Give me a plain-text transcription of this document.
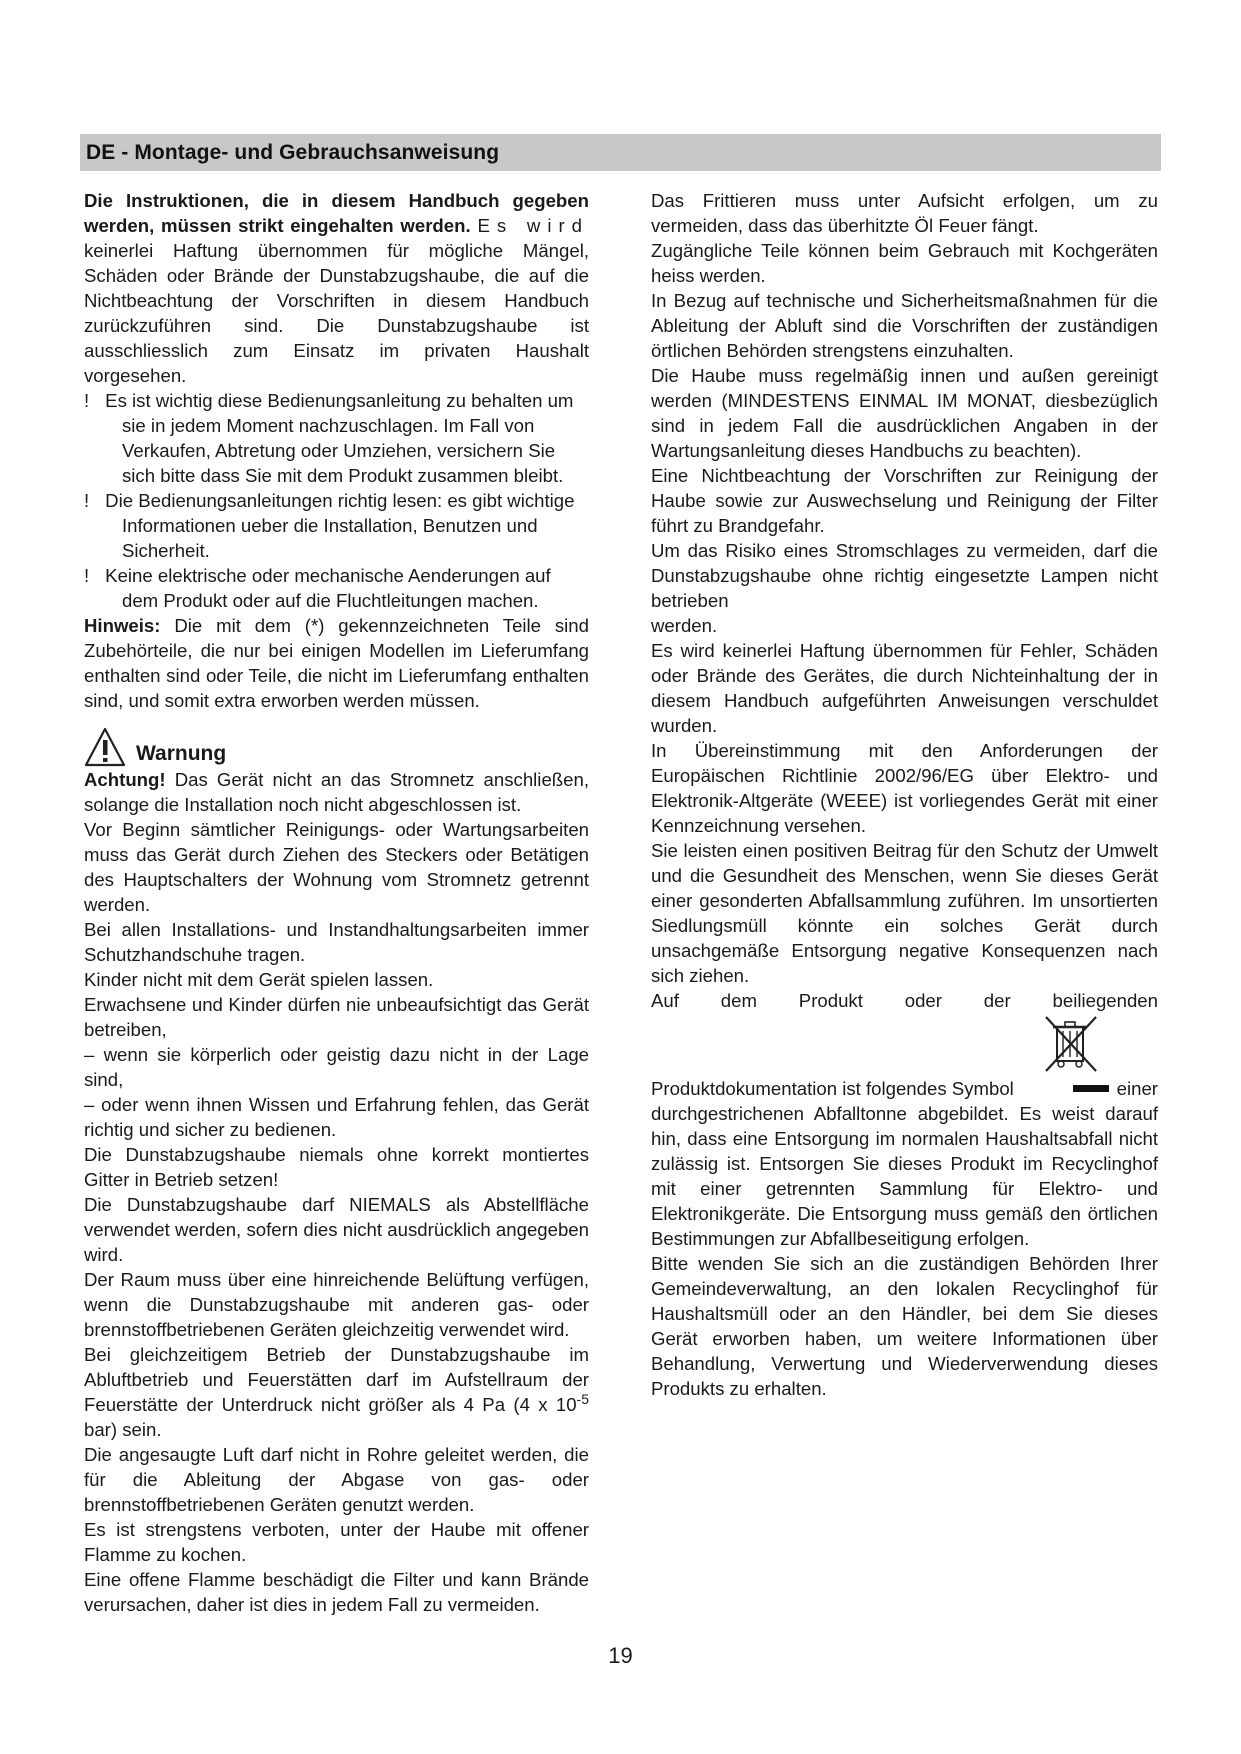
DE - Montage- und Gebrauchsanweisung

Die Instruktionen, die in diesem Handbuch gegeben werden, müssen strikt eingehalten werden. Es wird keinerlei Haftung übernommen für mögliche Mängel, Schäden oder Brände der Dunstabzugshaube, die auf die Nichtbeachtung der Vorschriften in diesem Handbuch zurückzuführen sind. Die Dunstabzugshaube ist ausschliesslich zum Einsatz im privaten Haushalt vorgesehen.

! Es ist wichtig diese Bedienungsanleitung zu behalten um sie in jedem Moment nachzuschlagen. Im Fall von Verkaufen, Abtretung oder Umziehen, versichern Sie sich bitte dass Sie mit dem Produkt zusammen bleibt.

! Die Bedienungsanleitungen richtig lesen: es gibt wichtige Informationen ueber die Installation, Benutzen und Sicherheit.

! Keine elektrische oder mechanische Aenderungen auf dem Produkt oder auf die Fluchtleitungen machen.

Hinweis: Die mit dem (*) gekennzeichneten Teile sind Zubehörteile, die nur bei einigen Modellen im Lieferumfang enthalten sind oder Teile, die nicht im Lieferumfang enthalten sind, und somit extra erworben werden müssen.

Warnung

Achtung! Das Gerät nicht an das Stromnetz anschließen, solange die Installation noch nicht abgeschlossen ist.

Vor Beginn sämtlicher Reinigungs- oder Wartungsarbeiten muss das Gerät durch Ziehen des Steckers oder Betätigen des Hauptschalters der Wohnung vom Stromnetz getrennt werden.

Bei allen Installations- und Instandhaltungsarbeiten immer Schutzhandschuhe tragen.

Kinder nicht mit dem Gerät spielen lassen.

Erwachsene und Kinder dürfen nie unbeaufsichtigt das Gerät betreiben,

– wenn sie körperlich oder geistig dazu nicht in der Lage sind,

– oder wenn ihnen Wissen und Erfahrung fehlen, das Gerät richtig und sicher zu bedienen.

Die Dunstabzugshaube niemals ohne korrekt montiertes Gitter in Betrieb setzen!

Die Dunstabzugshaube darf NIEMALS als Abstellfläche verwendet werden, sofern dies nicht ausdrücklich angegeben wird.

Der Raum muss über eine hinreichende Belüftung verfügen, wenn die Dunstabzugshaube mit anderen gas- oder brennstoffbetriebenen Geräten gleichzeitig verwendet wird.

Bei gleichzeitigem Betrieb der Dunstabzugshaube im Abluftbetrieb und Feuerstätten darf im Aufstellraum der Feuerstätte der Unterdruck nicht größer als 4 Pa (4 x $10^{-5}$ bar) sein.

Die angesaugte Luft darf nicht in Rohre geleitet werden, die für die Ableitung der Abgase von gas- oder brennstoffbetriebenen Geräten genutzt werden.

Es ist strengstens verboten, unter der Haube mit offener Flamme zu kochen.

Eine offene Flamme beschädigt die Filter und kann Brände verursachen, daher ist dies in jedem Fall zu vermeiden.

Das Frittieren muss unter Aufsicht erfolgen, um zu vermeiden, dass das überhitzte Öl Feuer fängt.

Zugängliche Teile können beim Gebrauch mit Kochgeräten heiss werden.

In Bezug auf technische und Sicherheitsmaßnahmen für die Ableitung der Abluft sind die Vorschriften der zuständigen örtlichen Behörden strengstens einzuhalten.

Die Haube muss regelmäßig innen und außen gereinigt werden (MINDESTENS EINMAL IM MONAT, diesbezüglich sind in jedem Fall die ausdrücklichen Angaben in der Wartungsanleitung dieses Handbuchs zu beachten).

Eine Nichtbeachtung der Vorschriften zur Reinigung der Haube sowie zur Auswechselung und Reinigung der Filter führt zu Brandgefahr.

Um das Risiko eines Stromschlages zu vermeiden, darf die Dunstabzugshaube ohne richtig eingesetzte Lampen nicht betrieben

werden.

Es wird keinerlei Haftung übernommen für Fehler, Schäden oder Brände des Gerätes, die durch Nichteinhaltung der in diesem Handbuch aufgeführten Anweisungen verschuldet wurden.

In Übereinstimmung mit den Anforderungen der Europäischen Richtlinie 2002/96/EG über Elektro- und Elektronik-Altgeräte (WEEE) ist vorliegendes Gerät mit einer Kennzeichnung versehen.

Sie leisten einen positiven Beitrag für den Schutz der Umwelt und die Gesundheit des Menschen, wenn Sie dieses Gerät einer gesonderten Abfallsammlung zuführen. Im unsortierten Siedlungsmüll könnte ein solches Gerät durch unsachgemäße Entsorgung negative Konsequenzen nach sich ziehen.

Auf dem Produkt oder der beiliegenden

Produktdokumentation ist folgendes Symbol	einer

durchgestrichenen Abfalltonne abgebildet. Es weist darauf hin, dass eine Entsorgung im normalen Haushaltsabfall nicht zulässig ist. Entsorgen Sie dieses Produkt im Recyclinghof mit einer getrennten Sammlung für Elektro- und Elektronikgeräte. Die Entsorgung muss gemäß den örtlichen Bestimmungen zur Abfallbeseitigung erfolgen.

Bitte wenden Sie sich an die zuständigen Behörden Ihrer Gemeindeverwaltung, an den lokalen Recyclinghof für Haushaltsmüll oder an den Händler, bei dem Sie dieses Gerät erworben haben, um weitere Informationen über Behandlung, Verwertung und Wiederverwendung dieses Produkts zu erhalten.

19
